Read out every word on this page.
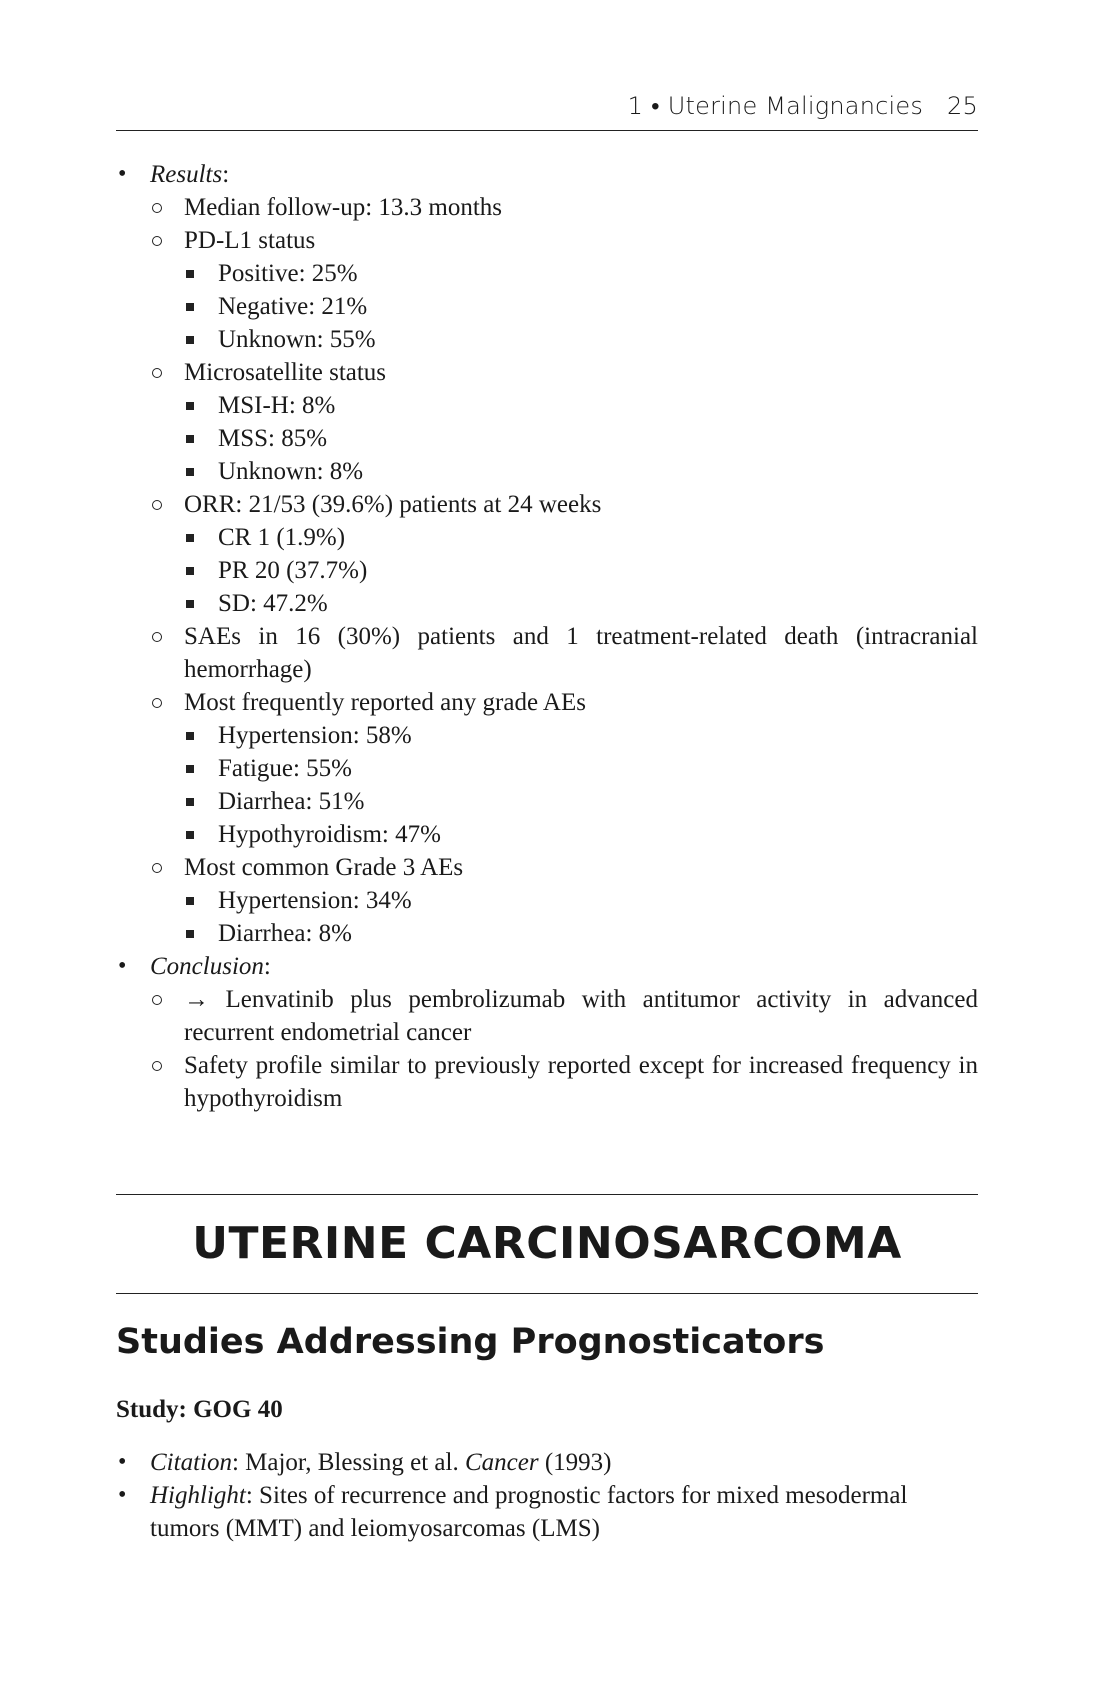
1 • Uterine Malignancies 25
• Results:
Median follow-up: 13.3 months
PD-L1 status
Positive: 25%
Negative: 21%
Unknown: 55%
Microsatellite status
MSI-H: 8%
MSS: 85%
Unknown: 8%
ORR: 21/53 (39.6%) patients at 24 weeks
CR 1 (1.9%)
PR 20 (37.7%)
SD: 47.2%
SAEs in 16 (30%) patients and 1 treatment-related death (intracranial hemorrhage)
Most frequently reported any grade AEs
Hypertension: 58%
Fatigue: 55%
Diarrhea: 51%
Hypothyroidism: 47%
Most common Grade 3 AEs
Hypertension: 34%
Diarrhea: 8%
• Conclusion:
→ Lenvatinib plus pembrolizumab with antitumor activity in advanced recurrent endometrial cancer
Safety profile similar to previously reported except for increased frequency in hypothyroidism
UTERINE CARCINOSARCOMA
Studies Addressing Prognosticators
Study: GOG 40
• Citation: Major, Blessing et al. Cancer (1993)
• Highlight: Sites of recurrence and prognostic factors for mixed mesodermal tumors (MMT) and leiomyosarcomas (LMS)
